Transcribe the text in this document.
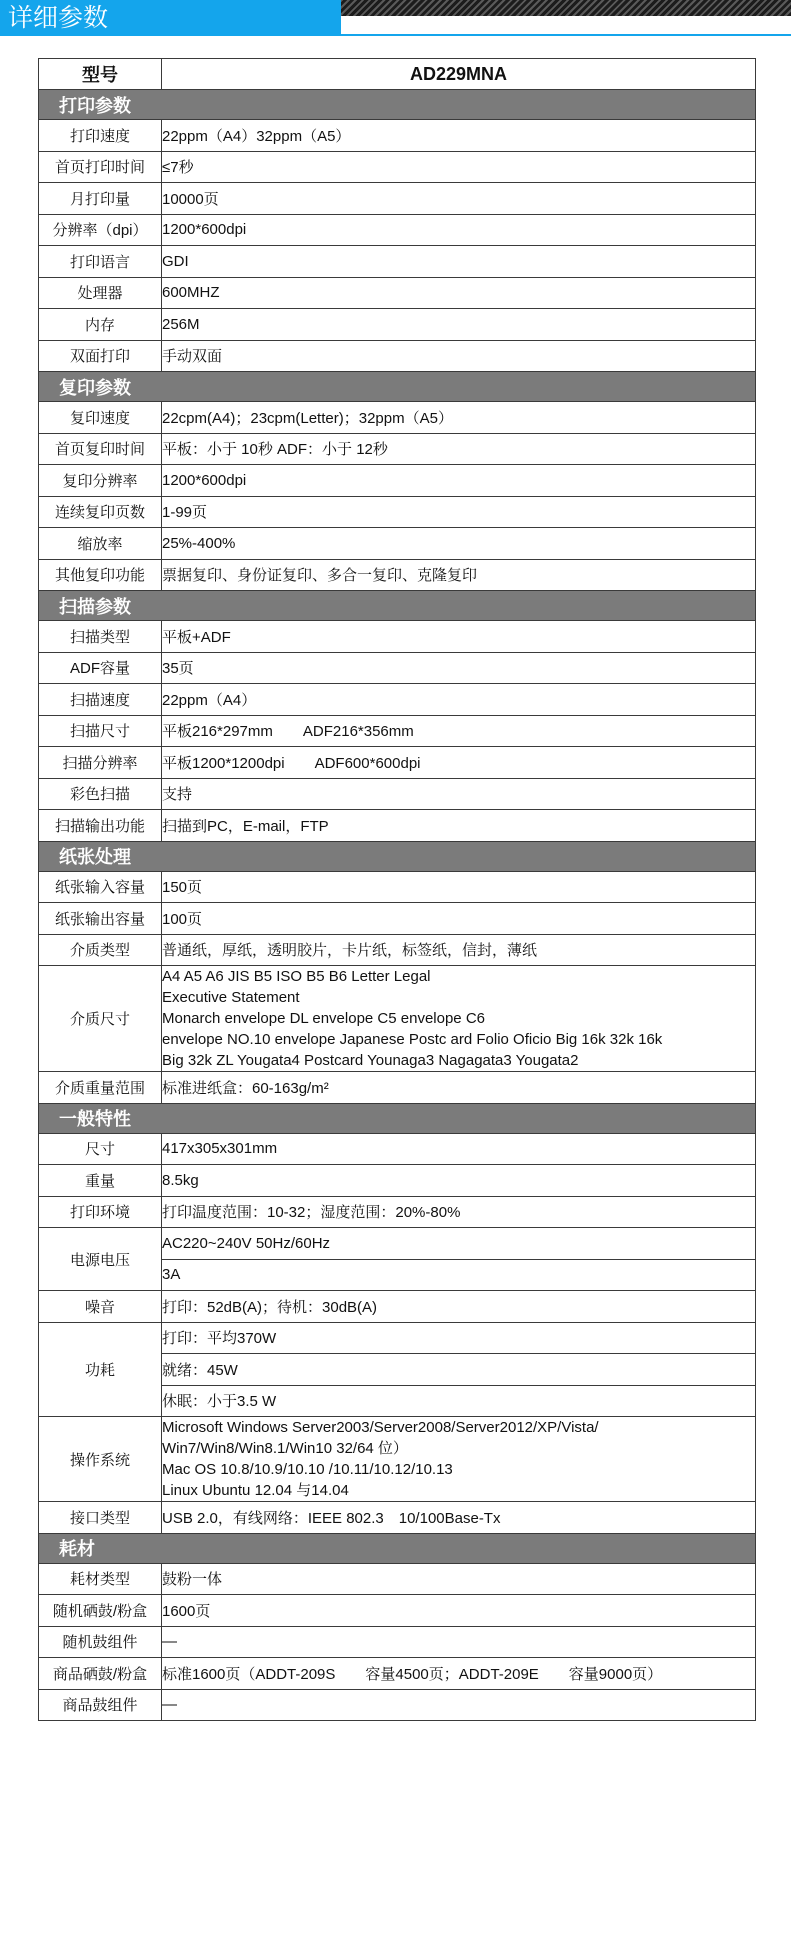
详细参数
型号	AD229MNA
打印参数	
打印速度	22ppm（A4）32ppm（A5）
首页打印时间	≤7秒
月打印量	10000页
分辨率（dpi）	1200*600dpi
打印语言	GDI
处理器	600MHZ
内存	256M
双面打印	手动双面
复印参数	
复印速度	22cpm(A4)；23cpm(Letter)；32ppm（A5）
首页复印时间	平板：小于 10秒 ADF：小于 12秒
复印分辨率	1200*600dpi
连续复印页数	1-99页
缩放率	25%-400%
其他复印功能	票据复印、身份证复印、多合一复印、克隆复印
扫描参数	
扫描类型	平板+ADF
ADF容量	35页
扫描速度	22ppm（A4）
扫描尺寸	平板216*297mm　　ADF216*356mm
扫描分辨率	平板1200*1200dpi　　ADF600*600dpi
彩色扫描	支持
扫描输出功能	扫描到PC，E-mail，FTP
纸张处理	
纸张输入容量	150页
纸张输出容量	100页
介质类型	普通纸，厚纸，透明胶片，卡片纸，标签纸，信封，薄纸
介质尺寸	A4 A5 A6 JIS B5 ISO B5 B6 Letter Legal
Executive Statement
Monarch envelope DL envelope C5 envelope C6
envelope NO.10 envelope Japanese Postc ard Folio Oficio Big 16k 32k 16k
Big 32k ZL Yougata4 Postcard Younaga3 Nagagata3 Yougata2

介质重量范围	标准进纸盒：60-163g/m²
一般特性	
尺寸	417x305x301mm
重量	8.5kg
打印环境	打印温度范围：10-32；湿度范围：20%-80%
电源电压	AC220~240V 50Hz/60Hz
	3A
噪音	打印：52dB(A)；待机：30dB(A)
功耗	打印：平均370W
	就绪：45W
	休眠：小于3.5 W
操作系统	Microsoft Windows Server2003/Server2008/Server2012/XP/Vista/
Win7/Win8/Win8.1/Win10 32/64 位）
Mac OS 10.8/10.9/10.10 /10.11/10.12/10.13
Linux Ubuntu 12.04 与14.04

接口类型	USB 2.0，有线网络：IEEE 802.3　10/100Base-Tx
耗材	
耗材类型	鼓粉一体
随机硒鼓/粉盒	1600页
随机鼓组件	—
商品硒鼓/粉盒	标准1600页（ADDT-209S　　容量4500页；ADDT-209E　　容量9000页）
商品鼓组件	—
